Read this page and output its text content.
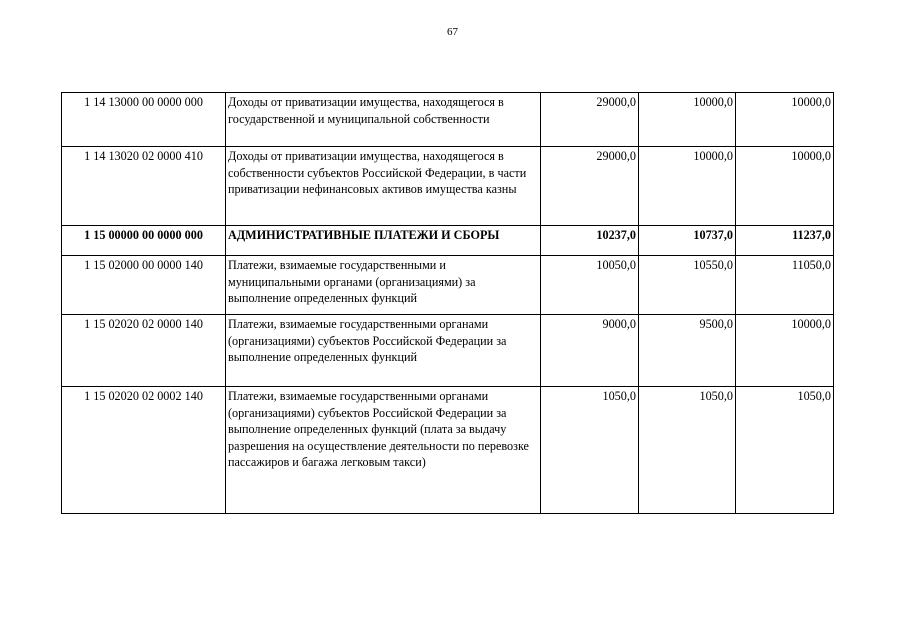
67
1 14 13000 00 0000 000	Доходы от приватизации имущества, находящегося в государственной и муниципальной собственности	29000,0	10000,0	10000,0
1 14 13020 02 0000 410	Доходы от приватизации имущества, находящегося в собственности субъектов Российской Федерации, в части приватизации нефинансовых активов имущества казны	29000,0	10000,0	10000,0
1 15 00000 00 0000 000	АДМИНИСТРАТИВНЫЕ ПЛАТЕЖИ И СБОРЫ	10237,0	10737,0	11237,0
1 15 02000 00 0000 140	Платежи, взимаемые государственными и муниципальными органами (организациями) за выполнение определенных функций	10050,0	10550,0	11050,0
1 15 02020 02 0000 140	Платежи, взимаемые государственными органами (организациями) субъектов Российской Федерации за выполнение определенных функций	9000,0	9500,0	10000,0
1 15 02020 02 0002 140	Платежи, взимаемые государственными органами (организациями) субъектов Российской Федерации за выполнение определенных функций (плата за выдачу разрешения на осуществление деятельности по перевозке пассажиров и багажа легковым такси)	1050,0	1050,0	1050,0
